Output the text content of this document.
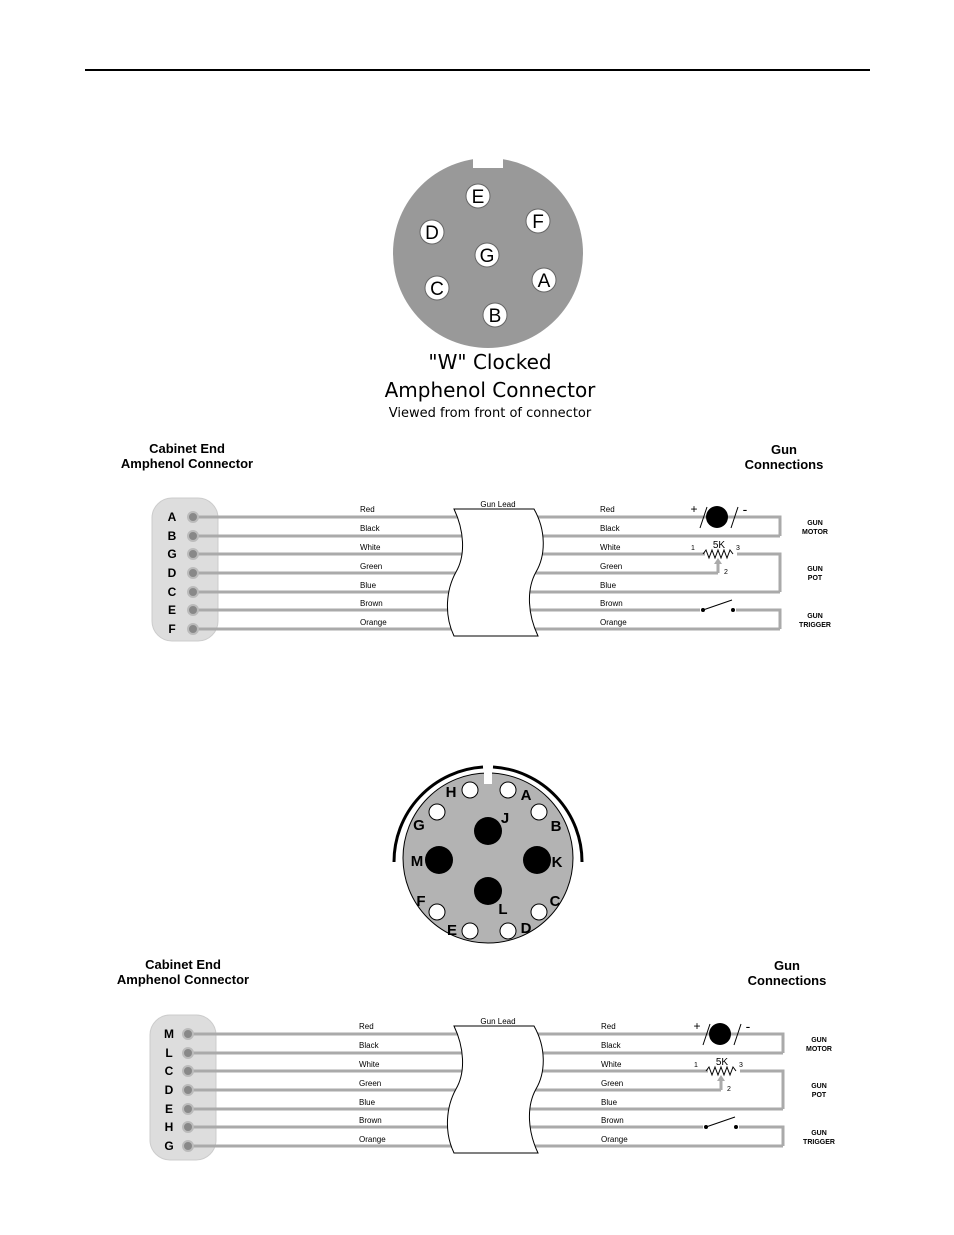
E
F
D
G
A
C
B
"W" Clocked
Amphenol Connector
Viewed from front of connector
Cabinet End
Amphenol Connector
Gun
Connections
A
B
G
D
C
E
F
Red
Black
White
Green
Blue
Brown
Orange
Red
Black
White
Green
Blue
Brown
Orange
Gun Lead	+	-
5K
1	3
2
GUN
MOTOR
GUN
POT
GUN
TRIGGER
H	A
G	B
J
M	K
F	C
L
E	D
Cabinet End
Amphenol Connector
Gun
Connections
M
L
C
D
E
H
G
Red
Black
White
Green
Blue
Brown
Orange
Red
Black
White
Green
Blue
Brown
Orange
Gun Lead	+	-
5K
1	3
2
GUN
MOTOR
GUN
POT
GUN
TRIGGER
